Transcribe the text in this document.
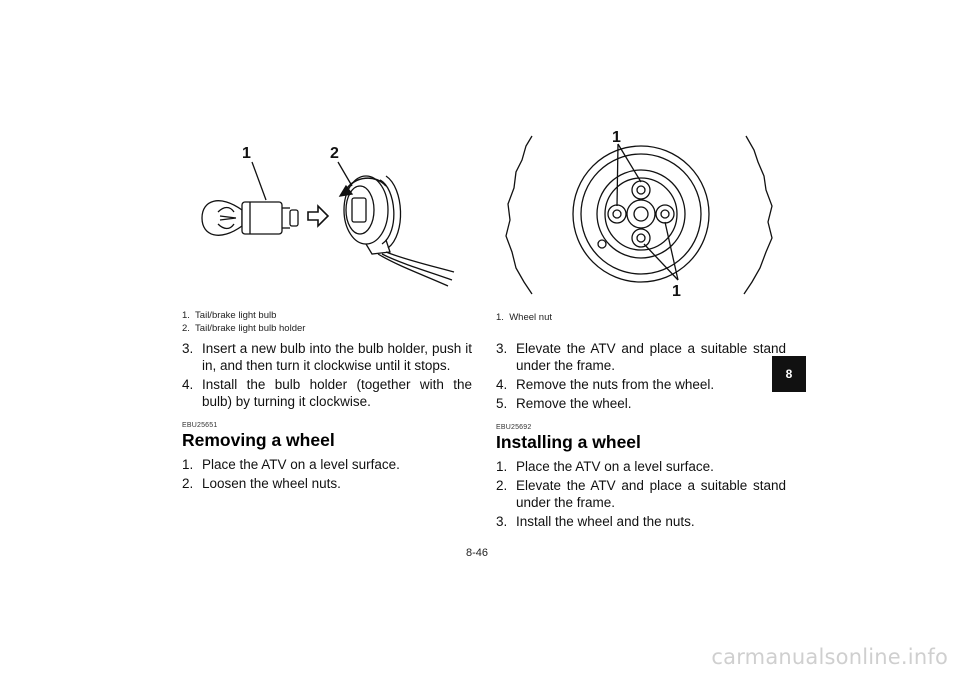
1	2
1. Tail/brake light bulb
2. Tail/brake light bulb holder
1
1
1. Wheel nut
3. Insert a new bulb into the bulb holder, push it in, and then turn it clockwise until it stops.
4. Install the bulb holder (together with the bulb) by turning it clockwise.
EBU25651
Removing a wheel
1. Place the ATV on a level surface.
2. Loosen the wheel nuts.
3. Elevate the ATV and place a suitable stand under the frame.
4. Remove the nuts from the wheel.
5. Remove the wheel.
EBU25692
Installing a wheel
1. Place the ATV on a level surface.
2. Elevate the ATV and place a suitable stand under the frame.
3. Install the wheel and the nuts.
8
8-46
carmanualsonline.info
